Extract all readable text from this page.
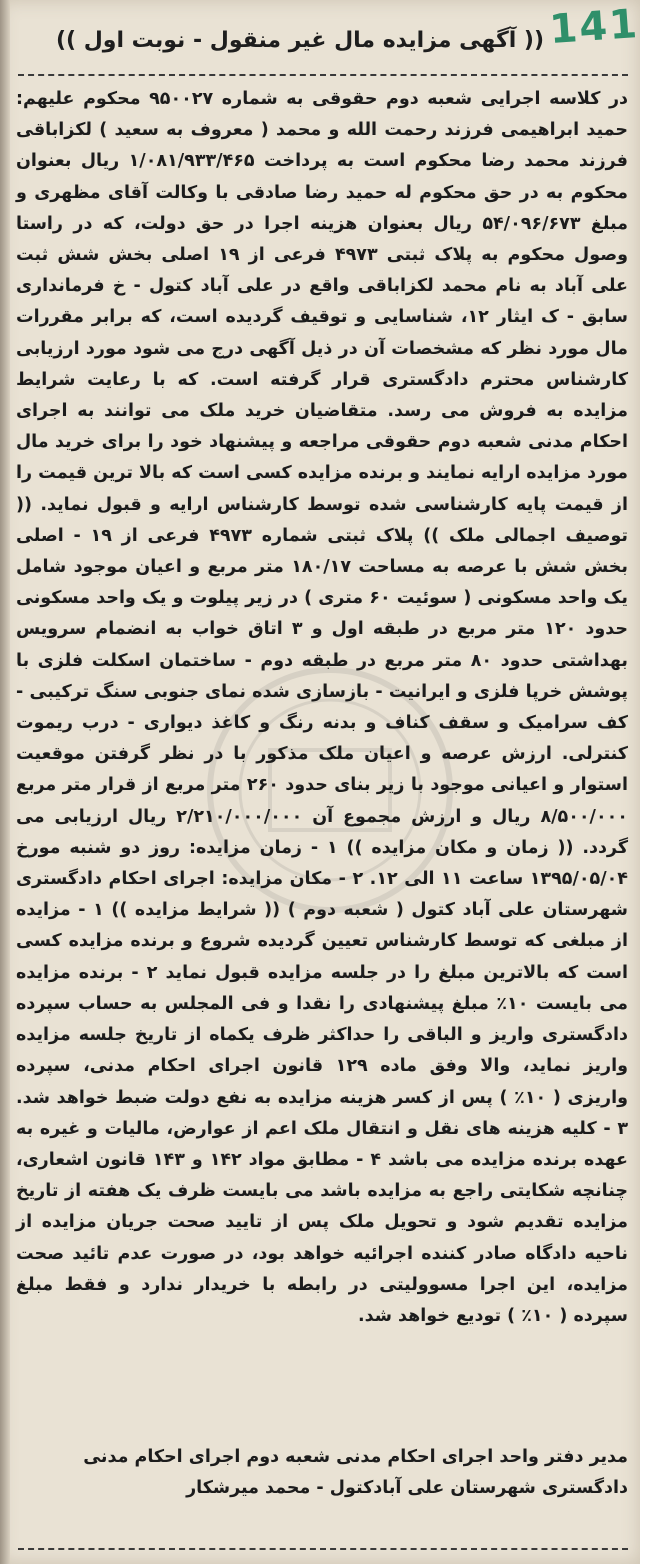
(( آگهی مزایده مال غیر منقول - نوبت اول )) 141

در کلاسه اجرایی شعبه دوم حقوقی به شماره ۹۵۰۰۲۷ محکوم علیهم: حمید ابراهیمی فرزند رحمت الله و محمد ( معروف به سعید ) لکزاباقی فرزند محمد رضا محکوم است به پرداخت ۱/۰۸۱/۹۳۳/۴۶۵ ریال بعنوان محکوم به در حق محکوم له حمید رضا صادقی با وکالت آقای مظهری و مبلغ ۵۴/۰۹۶/۶۷۳ ریال بعنوان هزینه اجرا در حق دولت، که در راستا وصول محکوم به پلاک ثبتی ۴۹۷۳ فرعی از ۱۹ اصلی بخش شش ثبت علی آباد به نام محمد لکزاباقی واقع در علی آباد کتول - خ فرمانداری سابق - ک ایثار ۱۲، شناسایی و توقیف گردیده است، که برابر مقررات مال مورد نظر که مشخصات آن در ذیل آگهی درج می شود مورد ارزیابی کارشناس محترم دادگستری قرار گرفته است. که با رعایت شرایط مزایده به فروش می رسد. متقاضیان خرید ملک می توانند به اجرای احکام مدنی شعبه دوم حقوقی مراجعه و پیشنهاد خود را برای خرید مال مورد مزایده ارایه نمایند و برنده مزایده کسی است که بالا ترین قیمت را از قیمت پایه کارشناسی شده توسط کارشناس ارایه و قبول نماید. (( توصیف اجمالی ملک )) پلاک ثبتی شماره ۴۹۷۳ فرعی از ۱۹ - اصلی بخش شش با عرصه به مساحت ۱۸۰/۱۷ متر مربع و اعیان موجود شامل یک واحد مسکونی ( سوئیت ۶۰ متری ) در زیر پیلوت و یک واحد مسکونی حدود ۱۲۰ متر مربع در طبقه اول و ۳ اتاق خواب به انضمام سرویس بهداشتی حدود ۸۰ متر مربع در طبقه دوم - ساختمان اسکلت فلزی با پوشش خرپا فلزی و ایرانیت - بازسازی شده نمای جنوبی سنگ ترکیبی - کف سرامیک و سقف کناف و بدنه رنگ و کاغذ دیواری - درب ریموت کنترلی. ارزش عرصه و اعیان ملک مذکور با در نظر گرفتن موقعیت استوار و اعیانی موجود با زیر بنای حدود ۲۶۰ متر مربع از قرار متر مربع ۸/۵۰۰/۰۰۰ ریال و ارزش مجموع آن ۲/۲۱۰/۰۰۰/۰۰۰ ریال ارزیابی می گردد. (( زمان و مکان مزایده )) ۱ - زمان مزایده: روز دو شنبه مورخ ۱۳۹۵/۰۵/۰۴ ساعت ۱۱ الی ۱۲. ۲ - مکان مزایده: اجرای احکام دادگستری شهرستان علی آباد کتول ( شعبه دوم ) (( شرایط مزایده )) ۱ - مزایده از مبلغی که توسط کارشناس تعیین گردیده شروع و برنده مزایده کسی است که بالاترین مبلغ را در جلسه مزایده قبول نماید ۲ - برنده مزایده می بایست ۱۰٪ مبلغ پیشنهادی را نقدا و فی المجلس به حساب سپرده دادگستری واریز و الباقی را حداکثر ظرف یکماه از تاریخ جلسه مزایده واریز نماید، والا وفق ماده ۱۲۹ قانون اجرای احکام مدنی، سپرده واریزی ( ۱۰٪ ) پس از کسر هزینه مزایده به نفع دولت ضبط خواهد شد. ۳ - کلیه هزینه های نقل و انتقال ملک اعم از عوارض، مالیات و غیره به عهده برنده مزایده می باشد ۴ - مطابق مواد ۱۴۲ و ۱۴۳ قانون اشعاری، چنانچه شکایتی راجع به مزایده باشد می بایست ظرف یک هفته از تاریخ مزایده تقدیم شود و تحویل ملک پس از تایید صحت جریان مزایده از ناحیه دادگاه صادر کننده اجرائیه خواهد بود، در صورت عدم تائید صحت مزایده، این اجرا مسوولیتی در رابطه با خریدار ندارد و فقط مبلغ سپرده ( ۱۰٪ ) تودیع خواهد شد.

مدیر دفتر واحد اجرای احکام مدنی شعبه دوم اجرای احکام مدنی دادگستری شهرستان علی آبادکتول - محمد میرشکار
